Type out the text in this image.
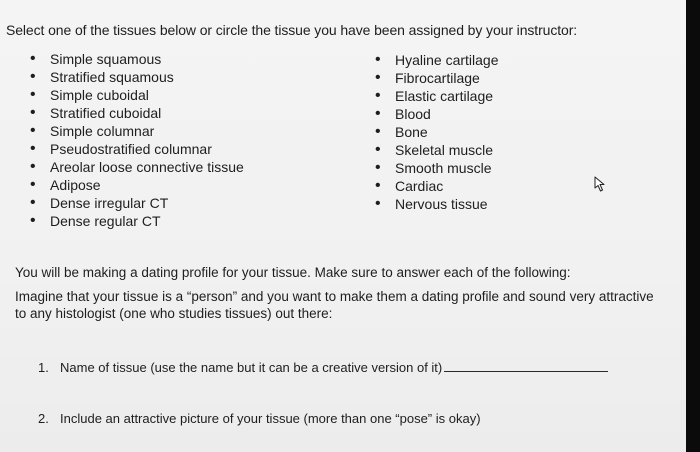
Select one of the tissues below or circle the tissue you have been assigned by your instructor:
•	Simple squamous
•	Stratified squamous
•	Simple cuboidal
•	Stratified cuboidal
•	Simple columnar
•	Pseudostratified columnar
•	Areolar loose connective tissue
•	Adipose
•	Dense irregular CT
•	Dense regular CT
•	Hyaline cartilage
•	Fibrocartilage
•	Elastic cartilage
•	Blood
•	Bone
•	Skeletal muscle
•	Smooth muscle
•	Cardiac
•	Nervous tissue

You will be making a dating profile for your tissue. Make sure to answer each of the following:

Imagine that your tissue is a “person” and you want to make them a dating profile and sound very attractive to any histologist (one who studies tissues) out there:

1. Name of tissue (use the name but it can be a creative version of it)
2. Include an attractive picture of your tissue (more than one “pose” is okay)
